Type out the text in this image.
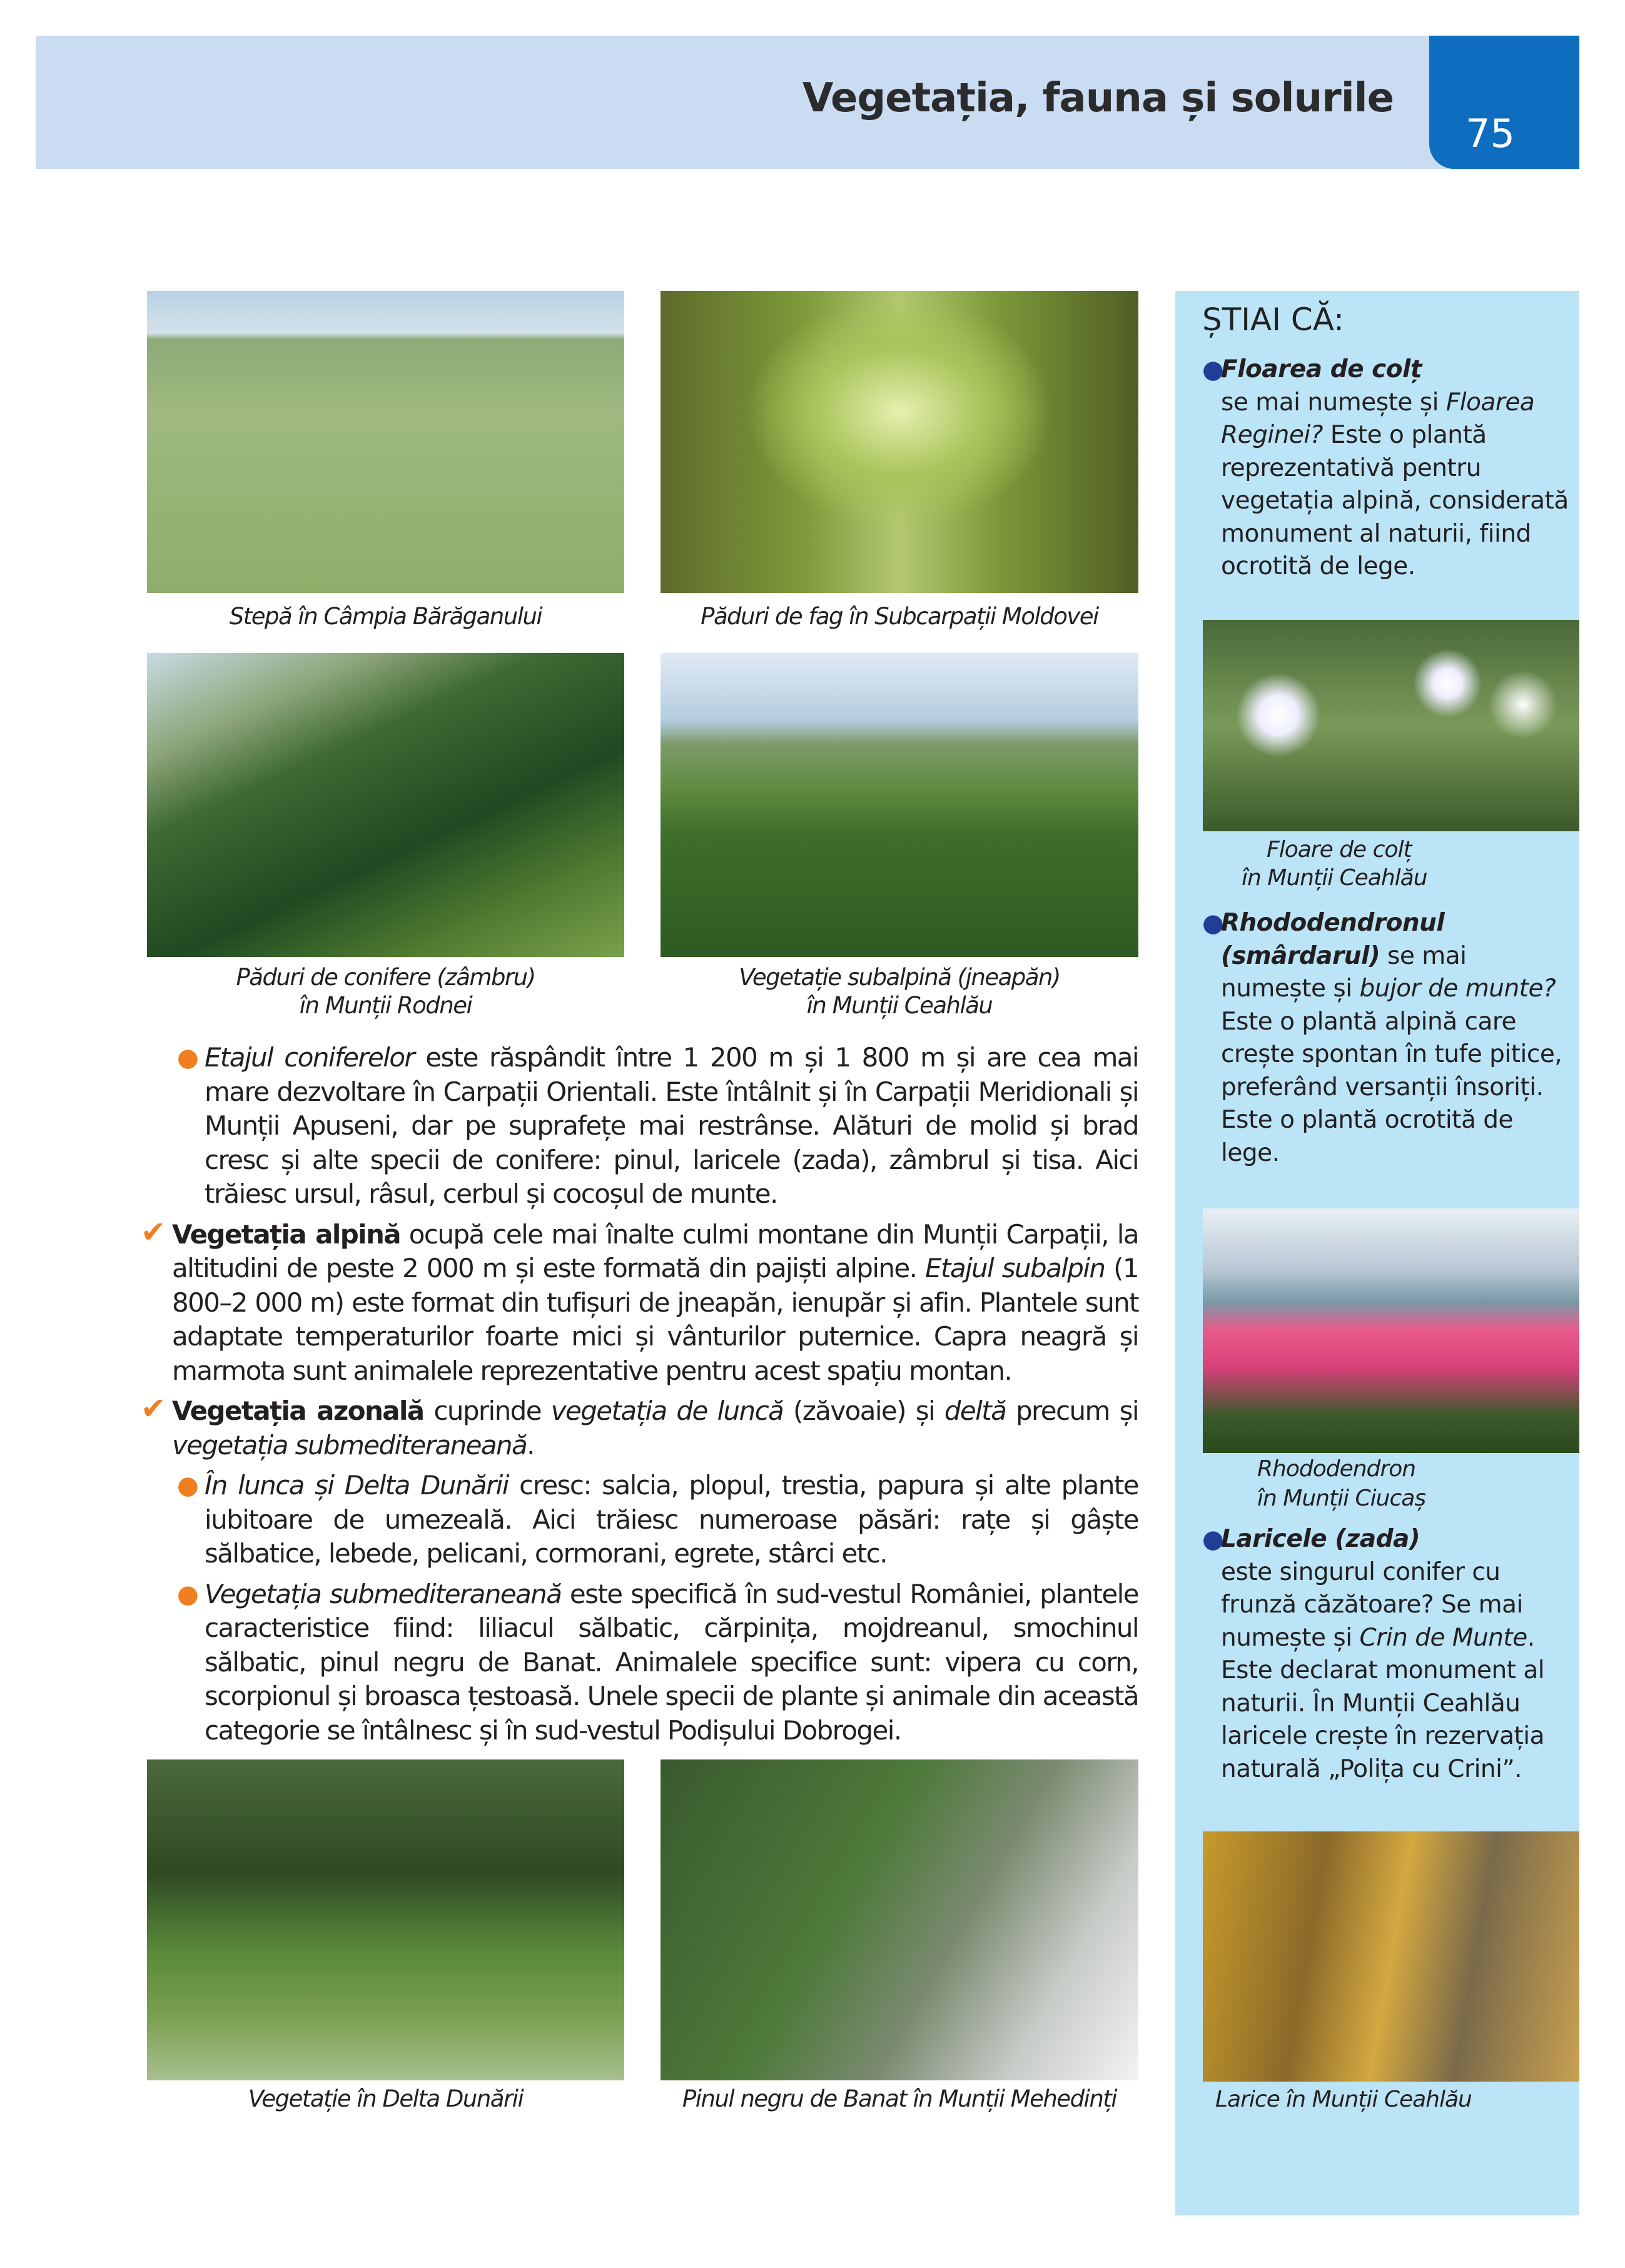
Vegetația, fauna și solurile
75
Stepă în Câmpia Bărăganului	Păduri de fag în Subcarpații Moldovei
Păduri de conifere (zâmbru)
în Munții Rodnei
Vegetație subalpină (jneapăn)
în Munții Ceahlău

● Etajul coniferelor este răspândit între 1 200 m și 1 800 m și are cea mai mare dezvoltare în Carpații Orientali. Este întâlnit și în Carpații Meridionali și Munții Apuseni, dar pe suprafețe mai restrânse. Alături de molid și brad cresc și alte specii de conifere: pinul, laricele (zada), zâmbrul și tisa. Aici trăiesc ursul, râsul, cerbul și cocoșul de munte.

✔ Vegetația alpină ocupă cele mai înalte culmi montane din Munții Carpații, la altitudini de peste 2 000 m și este formată din pajiști alpine. Etajul subalpin (1 800–2 000 m) este format din tufișuri de jneapăn, ienupăr și afin. Plantele sunt adaptate temperaturilor foarte mici și vânturilor puternice. Capra neagră și marmota sunt animalele reprezentative pentru acest spațiu montan.

✔ Vegetația azonală cuprinde vegetația de luncă (zăvoaie) și deltă precum și vegetația submediteraneană.

● În lunca și Delta Dunării cresc: salcia, plopul, trestia, papura și alte plante iubitoare de umezeală. Aici trăiesc numeroase păsări: rațe și gâște sălbatice, lebede, pelicani, cormorani, egrete, stârci etc.

● Vegetația submediteraneană este specifică în sud-vestul României, plantele caracteristice fiind: liliacul sălbatic, cărpinița, mojdreanul, smochinul sălbatic, pinul negru de Banat. Animalele specifice sunt: vipera cu corn, scorpionul și broasca țestoasă. Unele specii de plante și animale din această categorie se întâlnesc și în sud-vestul Podișului Dobrogei.

Vegetație în Delta Dunării	Pinul negru de Banat în Munții Mehedinți
ȘTIAI CĂ:
●
Floarea de colț
se mai numește și Floarea Reginei? Este o plantă reprezentativă pentru vegetația alpină, considerată monument al naturii, fiind ocrotită de lege.
Floare de colț
în Munții Ceahlău
●
Rhododendronul (smârdarul) se mai numește și bujor de munte? Este o plantă alpină care crește spontan în tufe pitice, preferând versanții însoriți. Este o plantă ocrotită de lege.
Rhododendron
în Munții Ciucaș
●
Laricele (zada)
este singurul conifer cu frunză căzătoare? Se mai numește și Crin de Munte. Este declarat monument al naturii. În Munții Ceahlău laricele crește în rezervația naturală „Polița cu Crini”.
Larice în Munții Ceahlău
